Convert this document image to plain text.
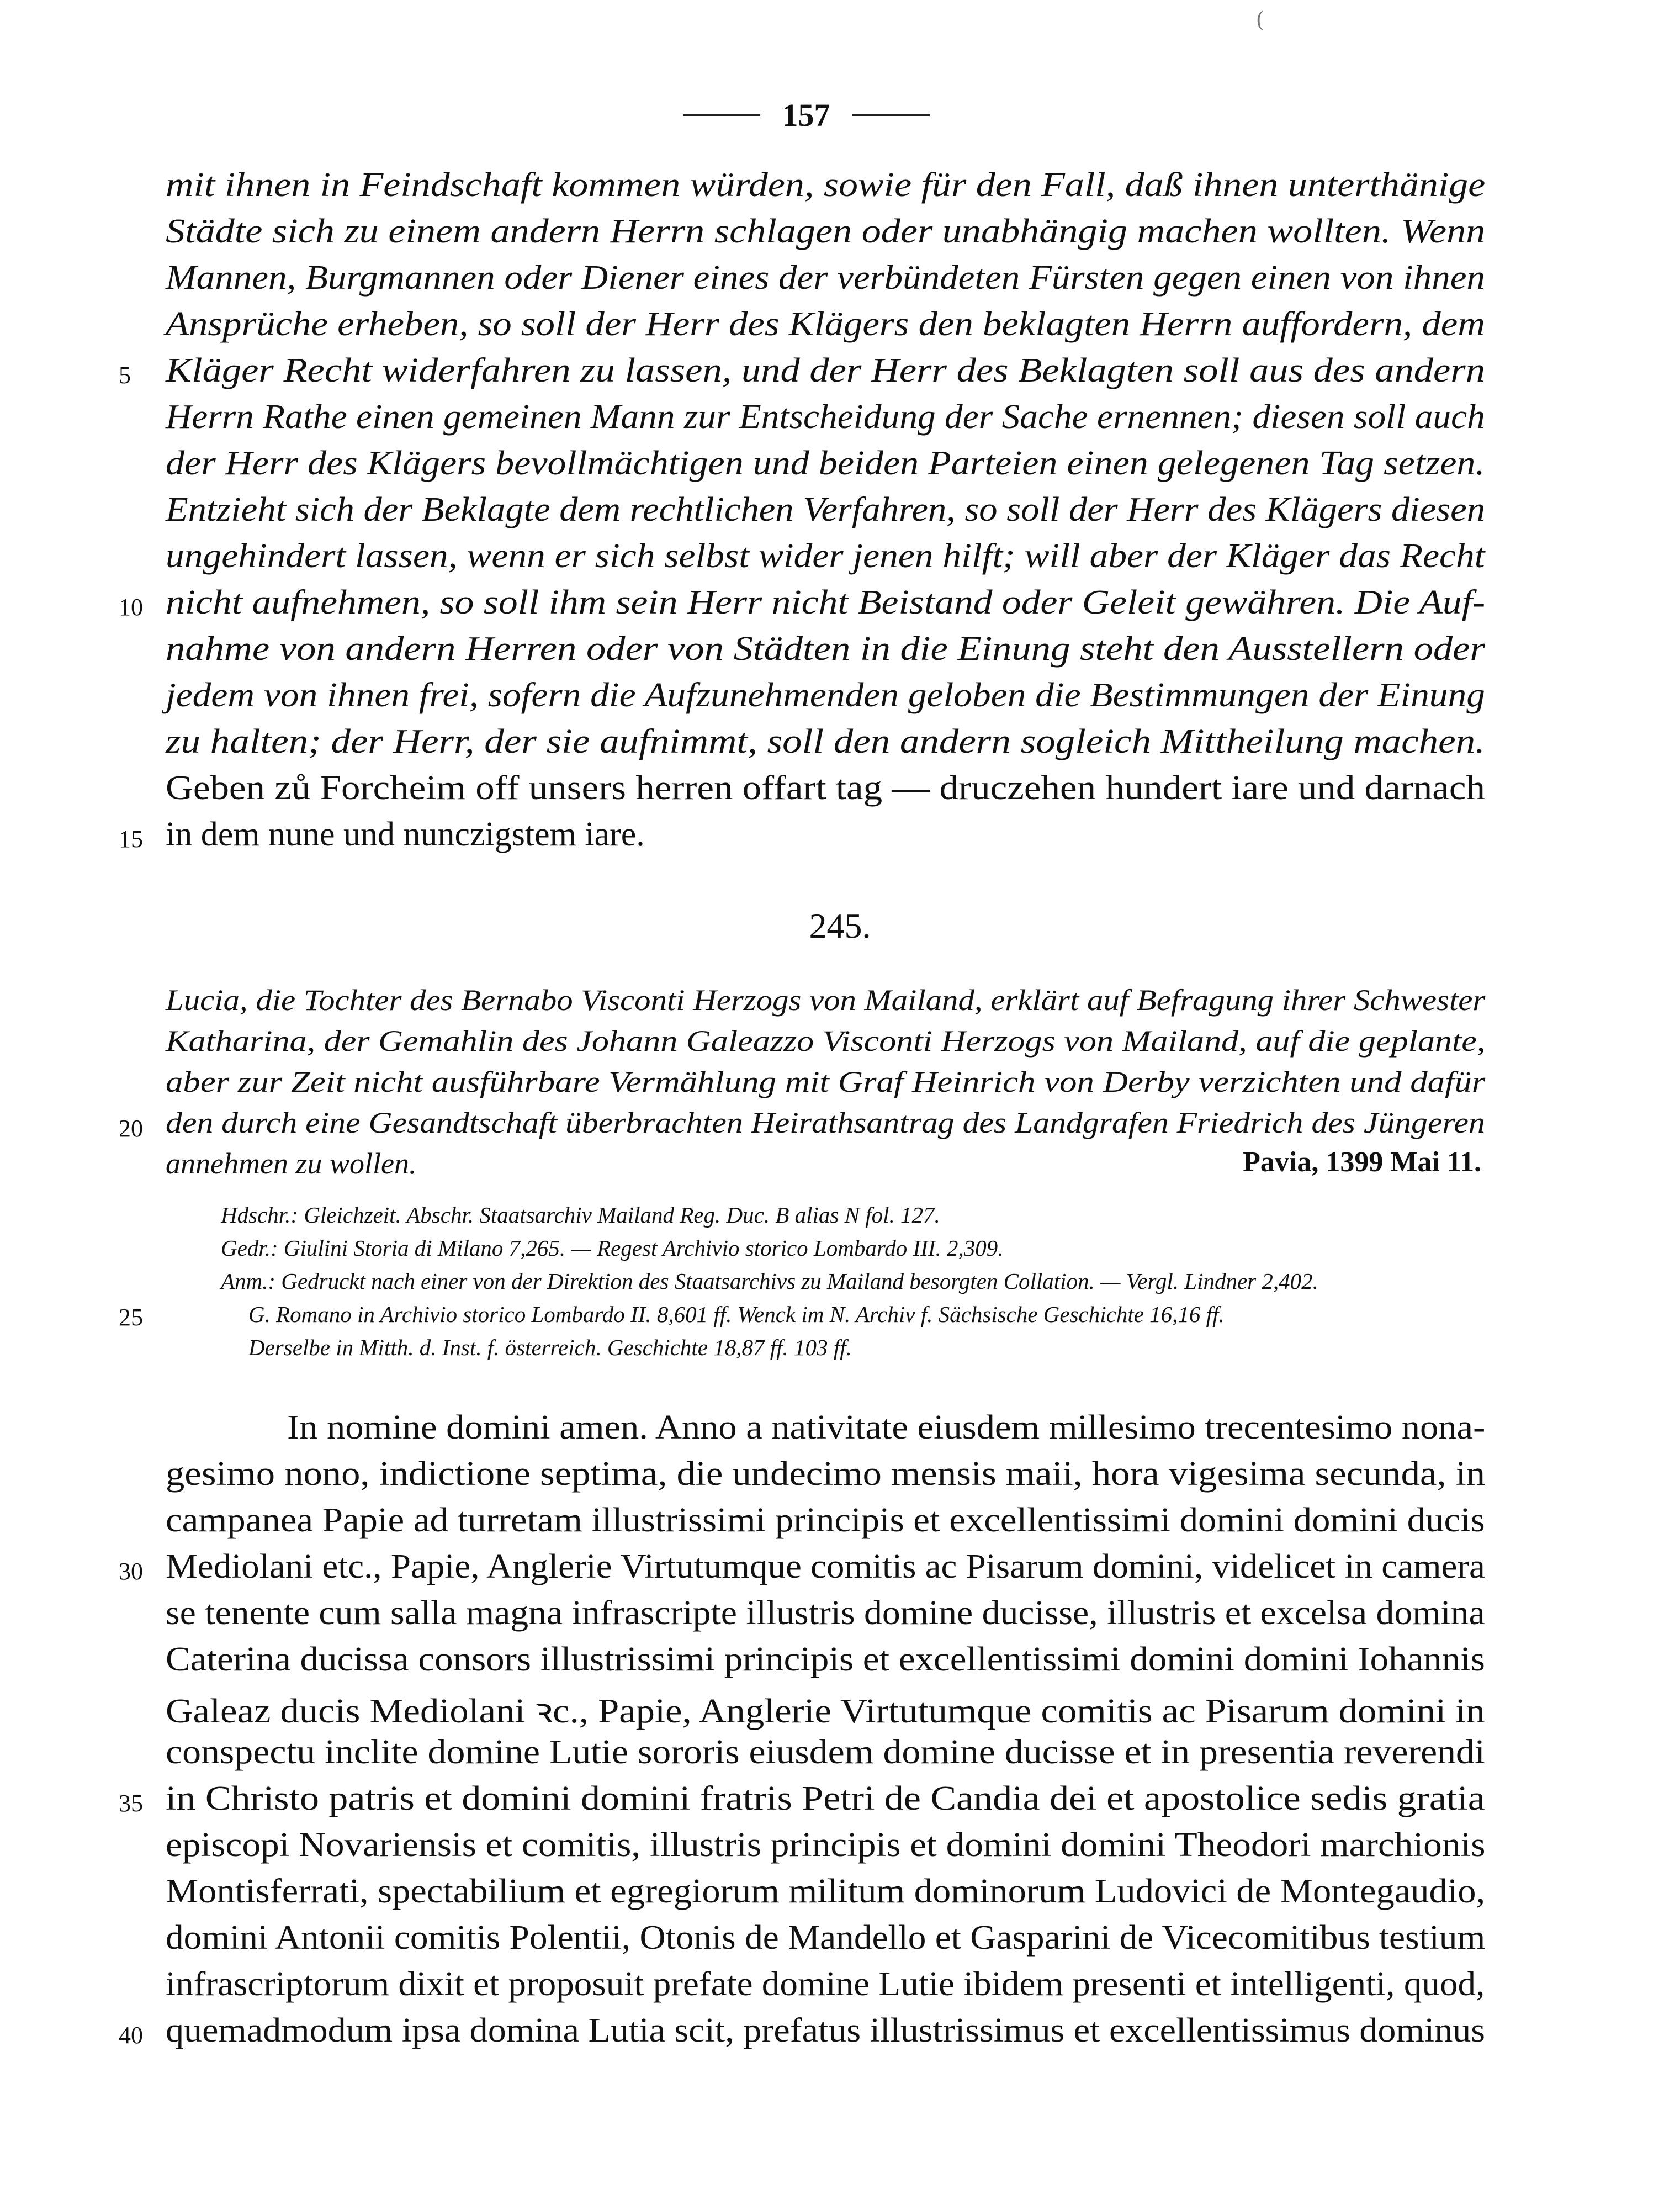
(
157
mit ihnen in Feindschaft kommen würden, sowie für den Fall, daß ihnen unterthänige
Städte sich zu einem andern Herrn schlagen oder unabhängig machen wollten. Wenn
Mannen, Burgmannen oder Diener eines der verbündeten Fürsten gegen einen von ihnen
Ansprüche erheben, so soll der Herr des Klägers den beklagten Herrn auffordern, dem
5 Kläger Recht widerfahren zu lassen, und der Herr des Beklagten soll aus des andern
Herrn Rathe einen gemeinen Mann zur Entscheidung der Sache ernennen; diesen soll auch
der Herr des Klägers bevollmächtigen und beiden Parteien einen gelegenen Tag setzen.
Entzieht sich der Beklagte dem rechtlichen Verfahren, so soll der Herr des Klägers diesen
ungehindert lassen, wenn er sich selbst wider jenen hilft; will aber der Kläger das Recht
10 nicht aufnehmen, so soll ihm sein Herr nicht Beistand oder Geleit gewähren. Die Auf-
nahme von andern Herren oder von Städten in die Einung steht den Ausstellern oder
jedem von ihnen frei, sofern die Aufzunehmenden geloben die Bestimmungen der Einung
zu halten; der Herr, der sie aufnimmt, soll den andern sogleich Mittheilung machen.
Geben zů Forcheim off unsers herren offart tag — druczehen hundert iare und darnach
15 in dem nune und nunczigstem iare.
245.
Lucia, die Tochter des Bernabo Visconti Herzogs von Mailand, erklärt auf Befragung ihrer Schwester
Katharina, der Gemahlin des Johann Galeazzo Visconti Herzogs von Mailand, auf die geplante,
aber zur Zeit nicht ausführbare Vermählung mit Graf Heinrich von Derby verzichten und dafür
20 den durch eine Gesandtschaft überbrachten Heirathsantrag des Landgrafen Friedrich des Jüngeren
annehmen zu wollen.	Pavia, 1399 Mai 11.
Hdschr.: Gleichzeit. Abschr. Staatsarchiv Mailand Reg. Duc. B alias N fol. 127.
Gedr.: Giulini Storia di Milano 7,265. — Regest Archivio storico Lombardo III. 2,309.
Anm.: Gedruckt nach einer von der Direktion des Staatsarchivs zu Mailand besorgten Collation. — Vergl. Lindner 2,402.
25	G. Romano in Archivio storico Lombardo II. 8,601 ff. Wenck im N. Archiv f. Sächsische Geschichte 16,16 ff.
Derselbe in Mitth. d. Inst. f. österreich. Geschichte 18,87 ff. 103 ff.
In nomine domini amen. Anno a nativitate eiusdem millesimo trecentesimo nona-
gesimo nono, indictione septima, die undecimo mensis maii, hora vigesima secunda, in
campanea Papie ad turretam illustrissimi principis et excellentissimi domini domini ducis
30 Mediolani etc., Papie, Anglerie Virtutumque comitis ac Pisarum domini, videlicet in camera
se tenente cum salla magna infrascripte illustris domine ducisse, illustris et excelsa domina
Caterina ducissa consors illustrissimi principis et excellentissimi domini domini Iohannis
Galeaz ducis Mediolani ꝛc., Papie, Anglerie Virtutumque comitis ac Pisarum domini in
conspectu inclite domine Lutie sororis eiusdem domine ducisse et in presentia reverendi
35 in Christo patris et domini domini fratris Petri de Candia dei et apostolice sedis gratia
episcopi Novariensis et comitis, illustris principis et domini domini Theodori marchionis
Montisferrati, spectabilium et egregiorum militum dominorum Ludovici de Montegaudio,
domini Antonii comitis Polentii, Otonis de Mandello et Gasparini de Vicecomitibus testium
infrascriptorum dixit et proposuit prefate domine Lutie ibidem presenti et intelligenti, quod,
40 quemadmodum ipsa domina Lutia scit, prefatus illustrissimus et excellentissimus dominus
